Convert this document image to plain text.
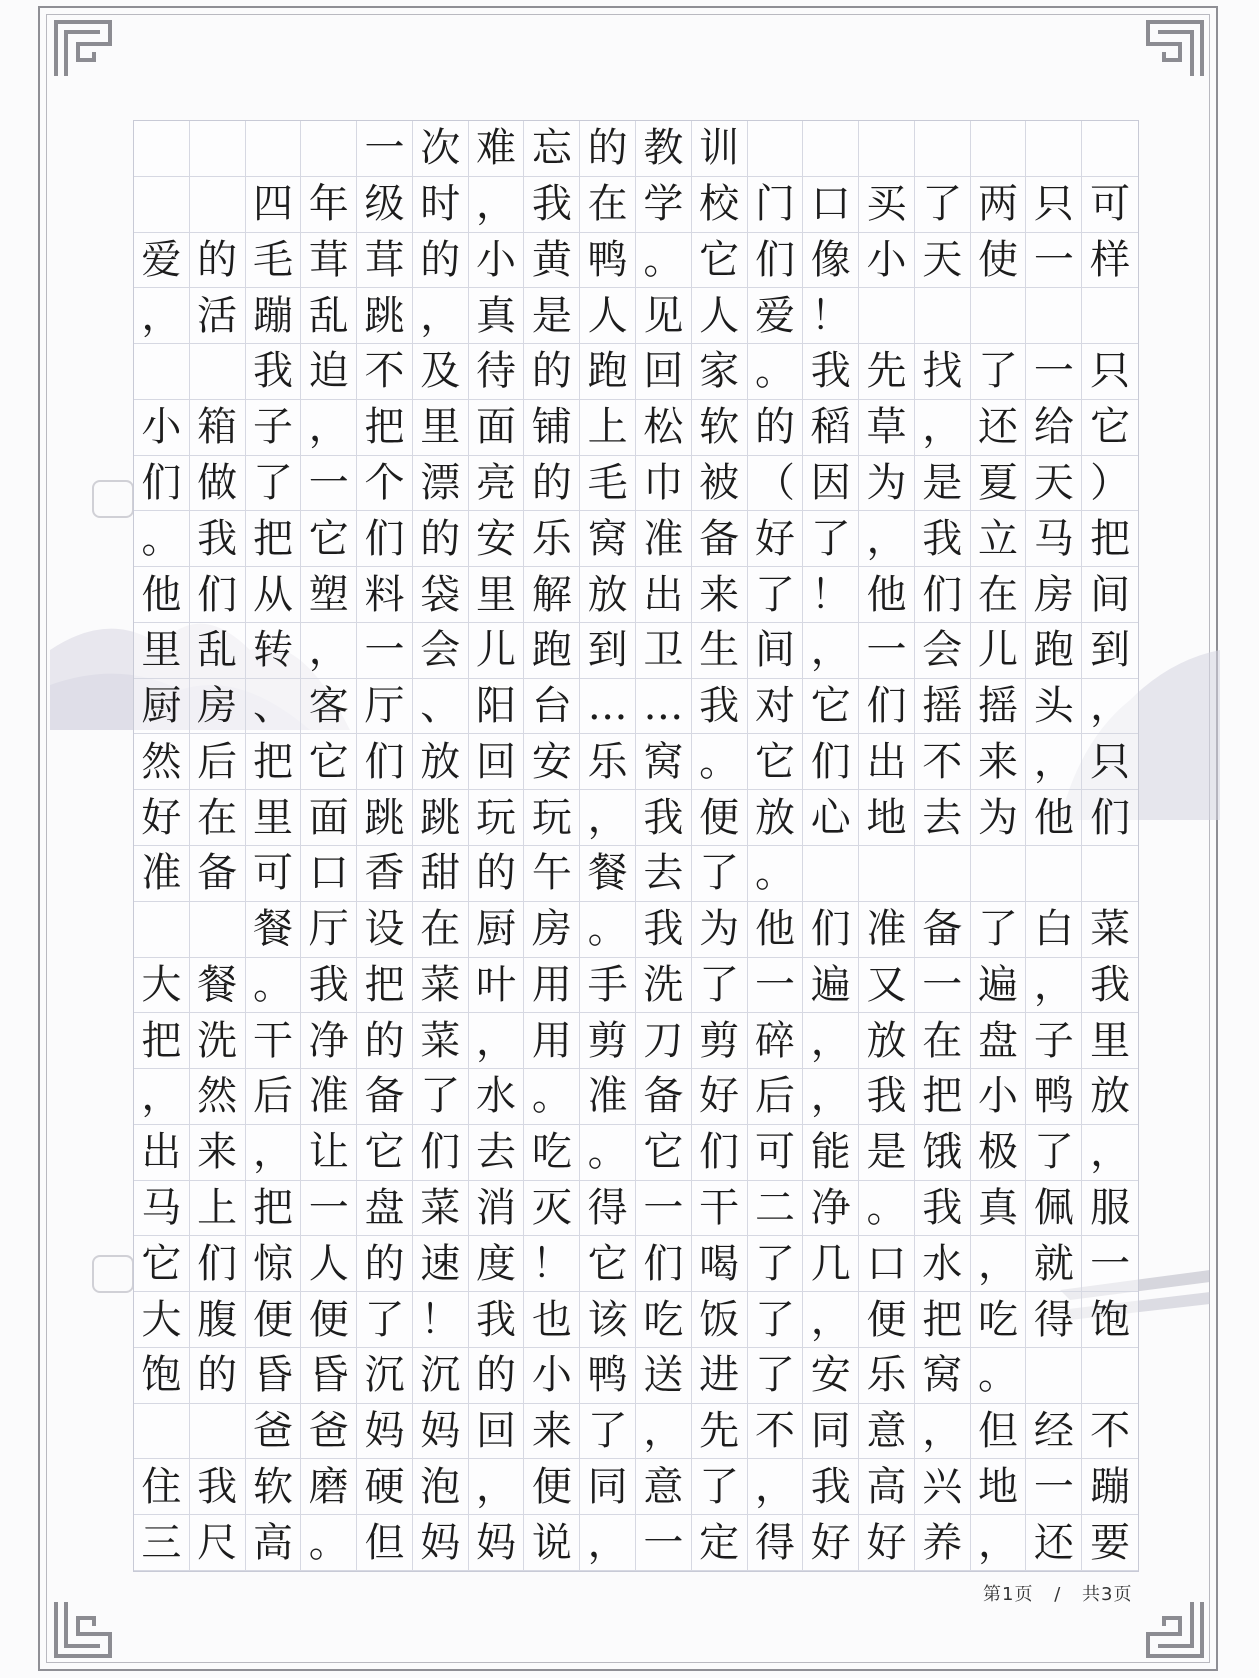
一 次 难 忘 的 教 训
四 年 级 时 ， 我 在 学 校 门 口 买 了 两 只 可
爱 的 毛 茸 茸 的 小 黄 鸭 。 它 们 像 小 天 使 一 样
， 活 蹦 乱 跳 ， 真 是 人 见 人 爱 ！
我 迫 不 及 待 的 跑 回 家 。 我 先 找 了 一 只
小 箱 子 ， 把 里 面 铺 上 松 软 的 稻 草 ， 还 给 它
们 做 了 一 个 漂 亮 的 毛 巾 被 （ 因 为 是 夏 天 ）
。 我 把 它 们 的 安 乐 窝 准 备 好 了 ， 我 立 马 把
他 们 从 塑 料 袋 里 解 放 出 来 了 ！ 他 们 在 房 间
里 乱 转 ， 一 会 儿 跑 到 卫 生 间 ， 一 会 儿 跑 到
厨 房 、 客 厅 、 阳 台 … … 我 对 它 们 摇 摇 头 ，
然 后 把 它 们 放 回 安 乐 窝 。 它 们 出 不 来 ， 只
好 在 里 面 跳 跳 玩 玩 ， 我 便 放 心 地 去 为 他 们
准 备 可 口 香 甜 的 午 餐 去 了 。
餐 厅 设 在 厨 房 。 我 为 他 们 准 备 了 白 菜
大 餐 。 我 把 菜 叶 用 手 洗 了 一 遍 又 一 遍 ， 我
把 洗 干 净 的 菜 ， 用 剪 刀 剪 碎 ， 放 在 盘 子 里
， 然 后 准 备 了 水 。 准 备 好 后 ， 我 把 小 鸭 放
出 来 ， 让 它 们 去 吃 。 它 们 可 能 是 饿 极 了 ，
马 上 把 一 盘 菜 消 灭 得 一 干 二 净 。 我 真 佩 服
它 们 惊 人 的 速 度 ！ 它 们 喝 了 几 口 水 ， 就 一
大 腹 便 便 了 ！ 我 也 该 吃 饭 了 ， 便 把 吃 得 饱
饱 的 昏 昏 沉 沉 的 小 鸭 送 进 了 安 乐 窝 。
爸 爸 妈 妈 回 来 了 ， 先 不 同 意 ， 但 经 不
住 我 软 磨 硬 泡 ， 便 同 意 了 ， 我 高 兴 地 一 蹦
三 尺 高 。 但 妈 妈 说 ， 一 定 得 好 好 养 ， 还 要
第1页 / 共3页
